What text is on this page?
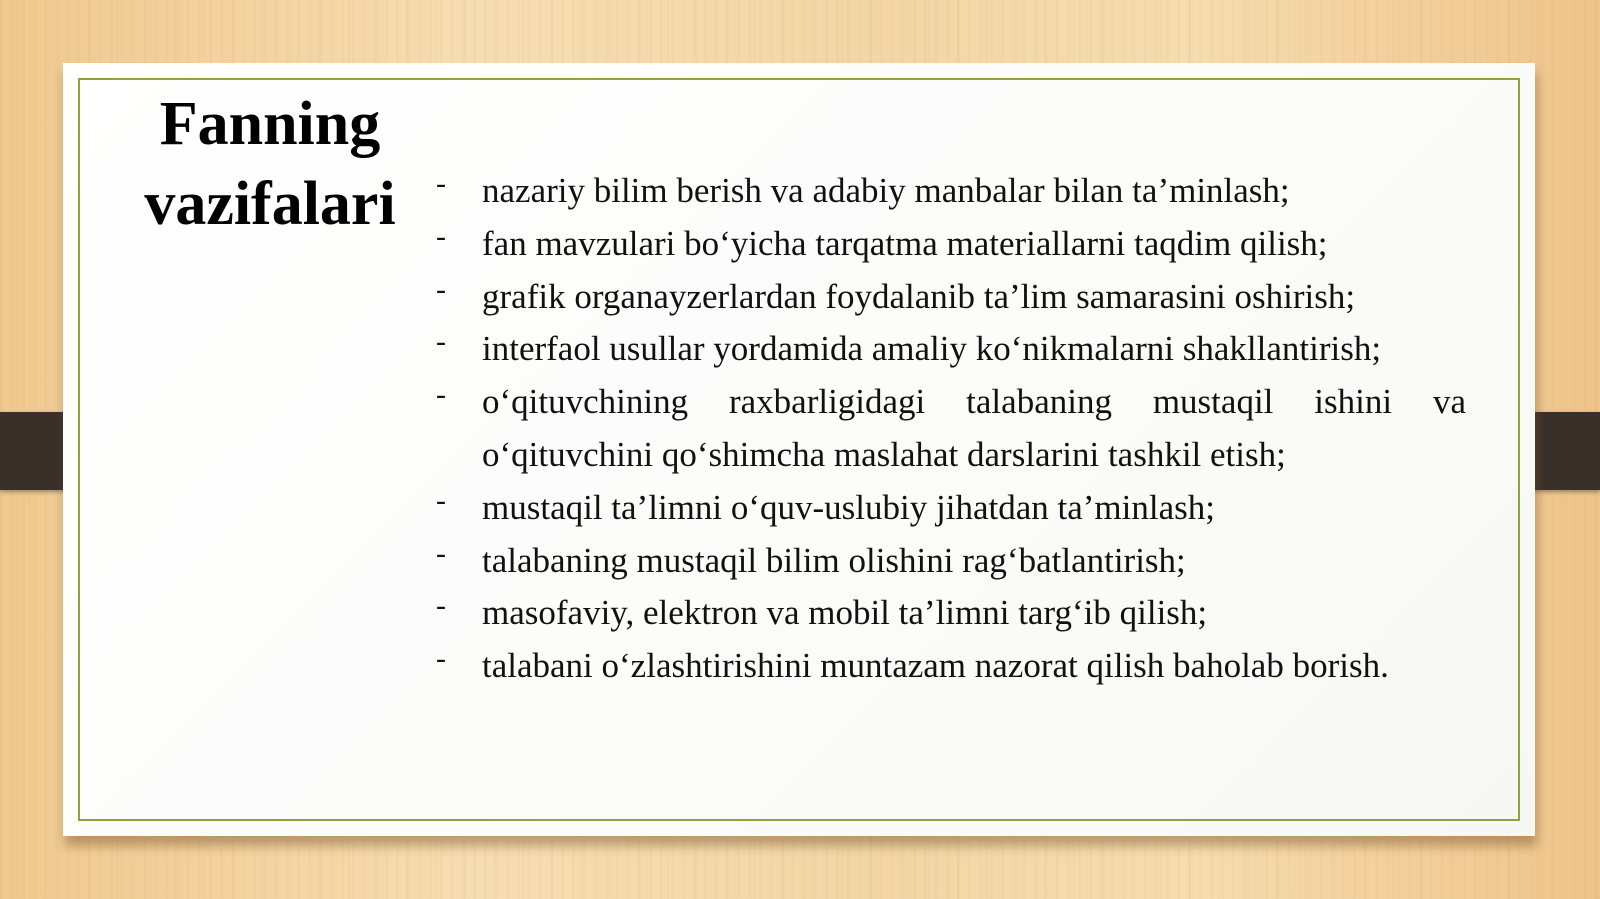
Fanning
vazifalari	-	nazariy bilim berish va adabiy manbalar bilan ta’minlash;
-	fan mavzulari bo‘yicha tarqatma materiallarni taqdim qilish;
-	grafik organayzerlardan foydalanib ta’lim samarasini oshirish;
-	interfaol usullar yordamida amaliy ko‘nikmalarni shakllantirish;
-	o‘qituvchining raxbarligidagi talabaning mustaqil ishini va o‘qituvchini qo‘shimcha maslahat darslarini tashkil etish;
-	mustaqil ta’limni o‘quv-uslubiy jihatdan ta’minlash;
-	talabaning mustaqil bilim olishini rag‘batlantirish;
-	masofaviy, elektron va mobil ta’limni targ‘ib qilish;
-	talabani o‘zlashtirishini muntazam nazorat qilish baholab borish.
